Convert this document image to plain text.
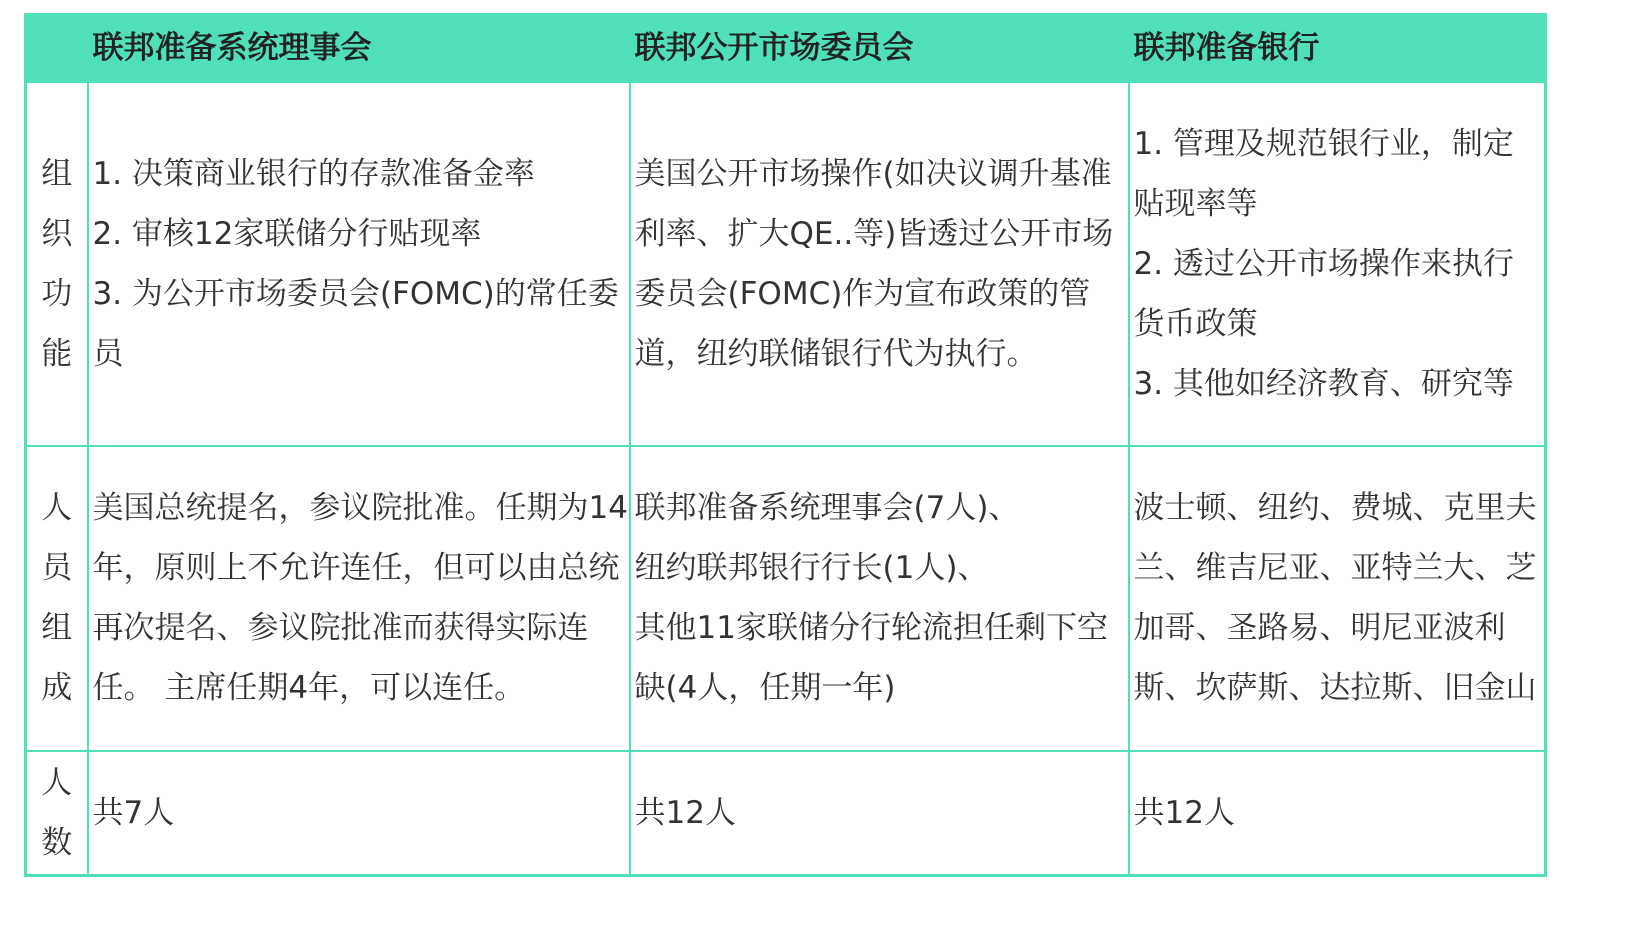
	联邦准备系统理事会	联邦公开市场委员会	联邦准备银行

组织功能	1. 决策商业银行的存款准备金率
2. 审核12家联储分行贴现率
3. 为公开市场委员会(FOMC)的常任委员	美国公开市场操作(如决议调升基准利率、扩大QE..等)皆透过公开市场委员会(FOMC)作为宣布政策的管道，纽约联储银行代为执行。	1. 管理及规范银行业，制定贴现率等
2. 透过公开市场操作来执行货币政策
3. 其他如经济教育、研究等

人员组成	美国总统提名，参议院批准。任期为14年，原则上不允许连任，但可以由总统再次提名、参议院批准而获得实际连任。 主席任期4年，可以连任。	联邦准备系统理事会(7人)、
纽约联邦银行行长(1人)、
其他11家联储分行轮流担任剩下空缺(4人，任期一年)	波士顿、纽约、费城、克里夫兰、维吉尼亚、亚特兰大、芝加哥、圣路易、明尼亚波利斯、坎萨斯、达拉斯、旧金山

人数	共7人	共12人	共12人
